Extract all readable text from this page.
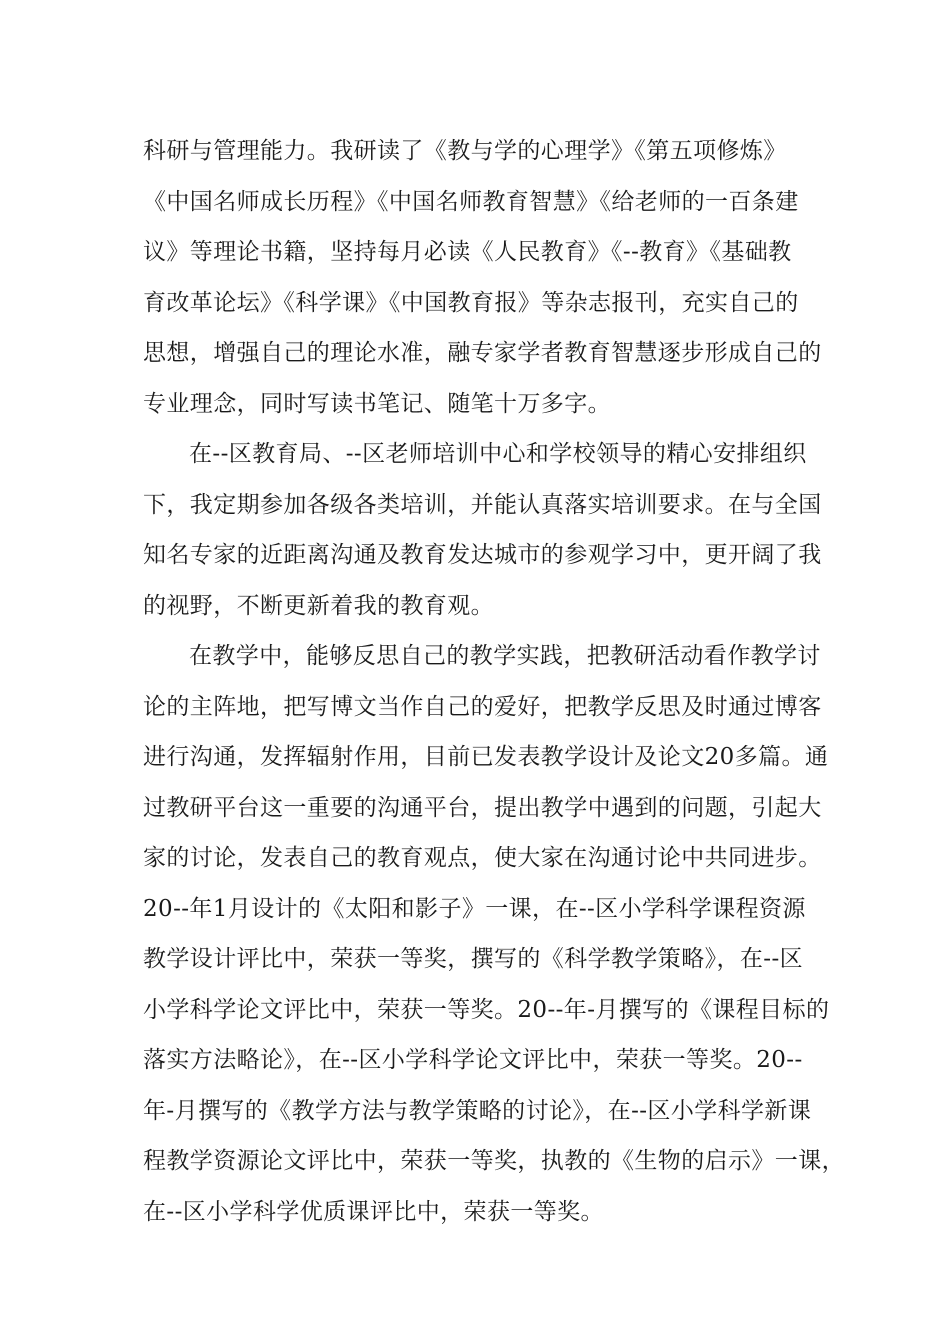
科研与管理能力。我研读了《教与学的心理学》《第五项修炼》
《中国名师成长历程》《中国名师教育智慧》《给老师的一百条建
议》等理论书籍，坚持每月必读《人民教育》《--教育》《基础教
育改革论坛》《科学课》《中国教育报》等杂志报刊，充实自己的
思想，增强自己的理论水准，融专家学者教育智慧逐步形成自己的
专业理念，同时写读书笔记、随笔十万多字。
在--区教育局、--区老师培训中心和学校领导的精心安排组织
下，我定期参加各级各类培训，并能认真落实培训要求。在与全国
知名专家的近距离沟通及教育发达城市的参观学习中，更开阔了我
的视野，不断更新着我的教育观。
在教学中，能够反思自己的教学实践，把教研活动看作教学讨
论的主阵地，把写博文当作自己的爱好，把教学反思及时通过博客
进行沟通，发挥辐射作用，目前已发表教学设计及论文20多篇。通
过教研平台这一重要的沟通平台，提出教学中遇到的问题，引起大
家的讨论，发表自己的教育观点，使大家在沟通讨论中共同进步。
20--年1月设计的《太阳和影子》一课，在--区小学科学课程资源
教学设计评比中，荣获一等奖，撰写的《科学教学策略》，在--区
小学科学论文评比中，荣获一等奖。20--年-月撰写的《课程目标的
落实方法略论》，在--区小学科学论文评比中，荣获一等奖。20--
年-月撰写的《教学方法与教学策略的讨论》，在--区小学科学新课
程教学资源论文评比中，荣获一等奖，执教的《生物的启示》一课，
在--区小学科学优质课评比中，荣获一等奖。
